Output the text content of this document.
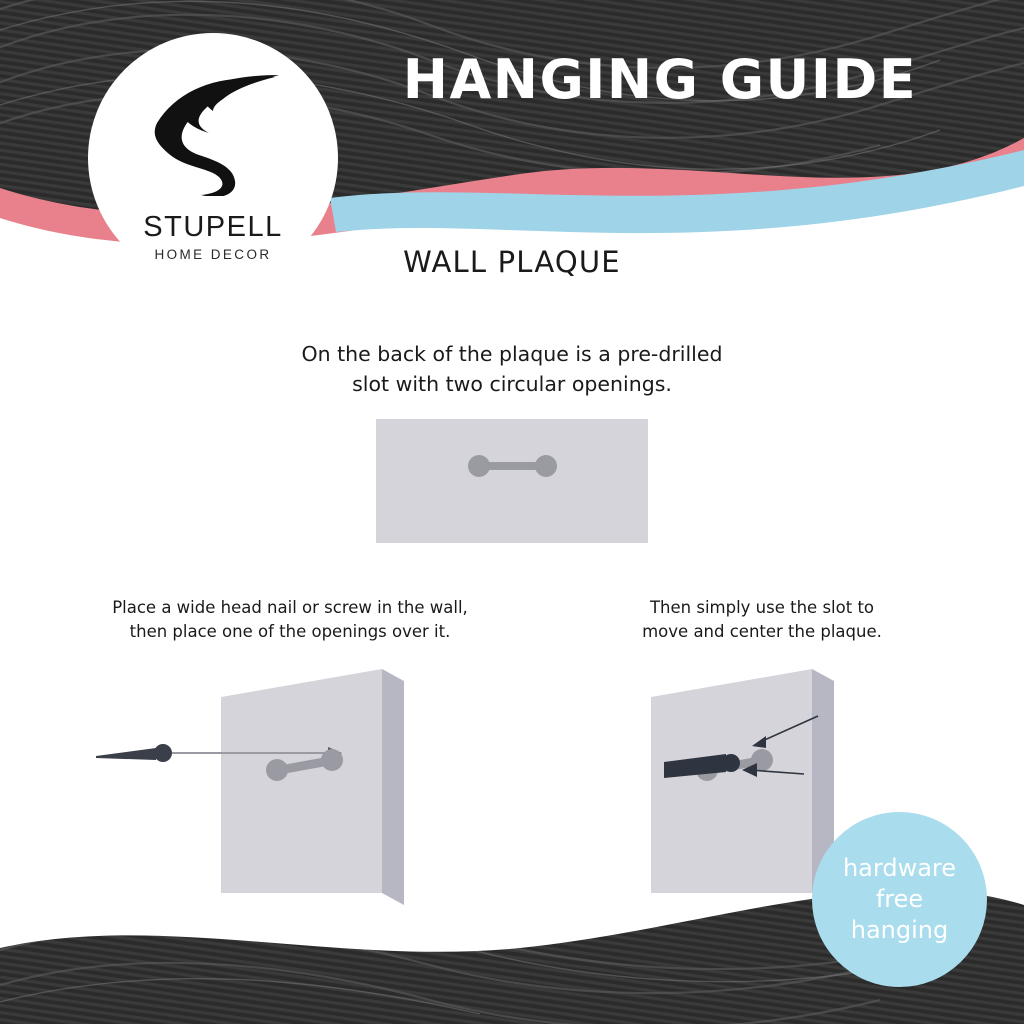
HANGING GUIDE
STUPELL
HOME DECOR	WALL PLAQUE
On the back of the plaque is a pre-drilled
slot with two circular openings.
Place a wide head nail or screw in the wall,
then place one of the openings over it.
Then simply use the slot to
move and center the plaque.
hardware
free
hanging
